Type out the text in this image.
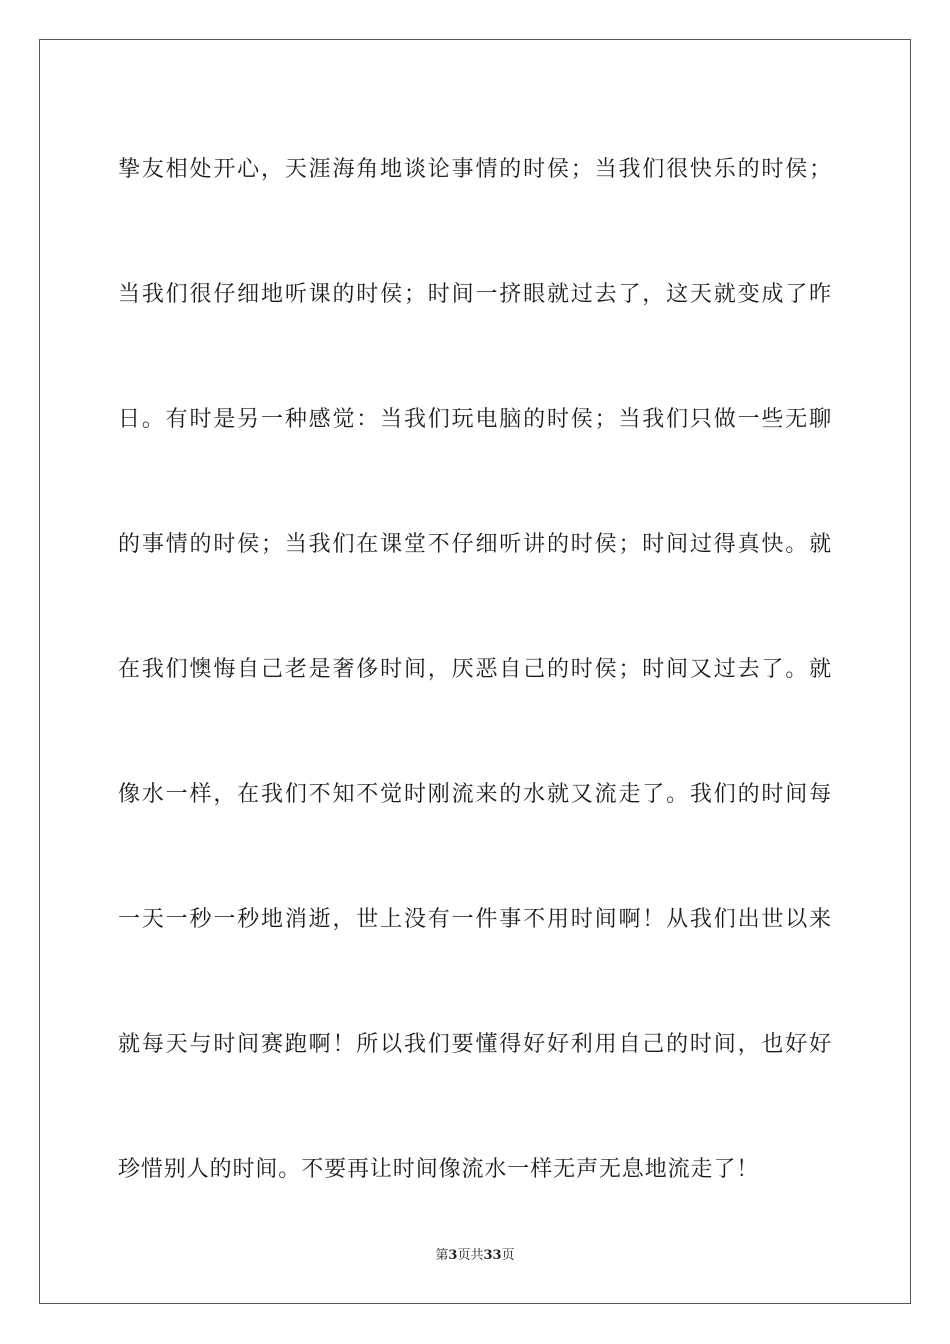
挚友相处开心，天涯海角地谈论事情的时侯；当我们很快乐的时侯；

当我们很仔细地听课的时侯；时间一挤眼就过去了，这天就变成了昨

日。有时是另一种感觉：当我们玩电脑的时侯；当我们只做一些无聊

的事情的时侯；当我们在课堂不仔细听讲的时侯；时间过得真快。就

在我们懊悔自己老是奢侈时间，厌恶自己的时侯；时间又过去了。就

像水一样，在我们不知不觉时刚流来的水就又流走了。我们的时间每

一天一秒一秒地消逝，世上没有一件事不用时间啊！从我们出世以来

就每天与时间赛跑啊！所以我们要懂得好好利用自己的时间，也好好

珍惜别人的时间。不要再让时间像流水一样无声无息地流走了！

第3页共33页
